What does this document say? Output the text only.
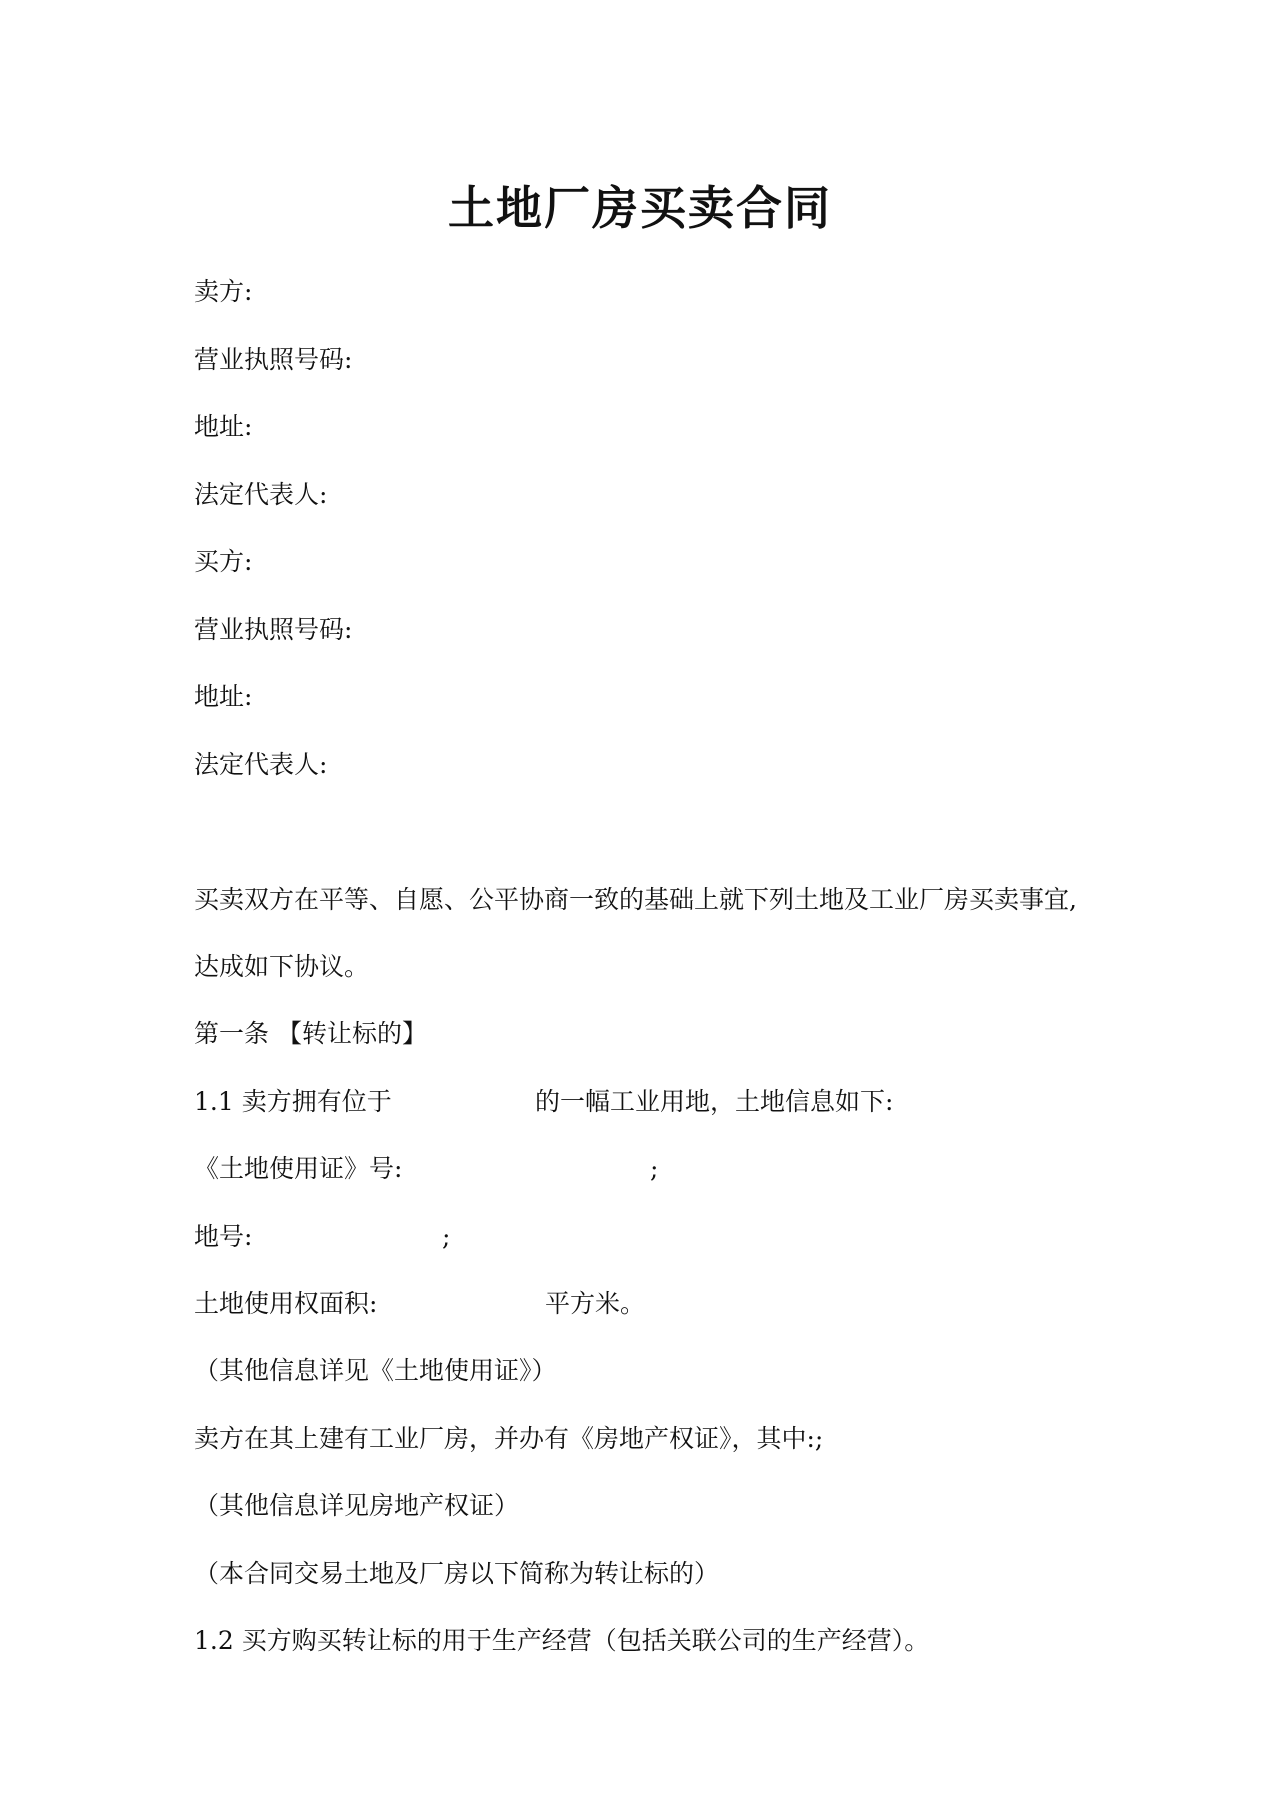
土地厂房买卖合同
卖方:
营业执照号码:
地址:
法定代表人:
买方:
营业执照号码:
地址:
法定代表人:
买卖双方在平等、自愿、公平协商一致的基础上就下列土地及工业厂房买卖事宜,
达成如下协议。
第一条 【转让标的】
1.1 卖方拥有位于	的一幅工业用地，土地信息如下:
《土地使用证》号:	;
地号:	;
土地使用权面积:	平方米。
（其他信息详见《土地使用证》）
卖方在其上建有工业厂房，并办有《房地产权证》，其中:;
（其他信息详见房地产权证）
（本合同交易土地及厂房以下简称为转让标的）
1.2 买方购买转让标的用于生产经营（包括关联公司的生产经营）。
